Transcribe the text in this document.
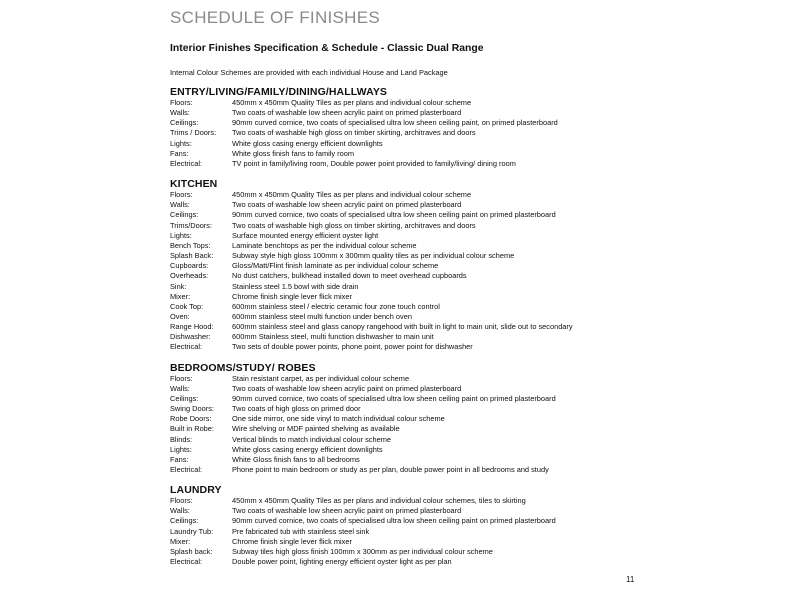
SCHEDULE OF FINISHES
Interior Finishes Specification & Schedule - Classic Dual Range
Internal Colour Schemes are provided with each individual House and Land Package
ENTRY/LIVING/FAMILY/DINING/HALLWAYS
Floors:	450mm x 450mm Quality Tiles as per plans and individual colour scheme
Walls:	Two coats of washable low sheen acrylic paint on primed plasterboard
Ceilings:	90mm curved cornice, two coats of specialised ultra low sheen ceiling paint, on primed plasterboard
Trims / Doors:	Two coats of washable high gloss on timber skirting, architraves and doors
Lights:	White gloss casing energy efficient downlights
Fans:	White gloss finish fans to family room
Electrical:	TV point in family/living room, Double power point provided to family/living/ dining room
KITCHEN
Floors:	450mm x 450mm Quality Tiles as per plans and individual colour scheme
Walls:	Two coats of washable low sheen acrylic paint on primed plasterboard
Ceilings:	90mm curved cornice, two coats of specialised ultra low sheen ceiling paint on primed plasterboard
Trims/Doors:	Two coats of washable high gloss on timber skirting, architraves and doors
Lights:	Surface mounted energy efficient oyster light
Bench Tops:	Laminate benchtops as per the individual colour scheme
Splash Back:	Subway style high gloss 100mm x 300mm quality tiles as per individual colour scheme
Cupboards:	Gloss/Matt/Flint finish laminate as per individual colour scheme
Overheads:	No dust catchers, bulkhead installed down to meet overhead cupboards
Sink:	Stainless steel 1.5 bowl with side drain
Mixer:	Chrome finish single lever flick mixer
Cook Top:	600mm stainless steel / electric ceramic four zone touch control
Oven:	600mm stainless steel multi function under bench oven
Range Hood:	600mm stainless steel and glass canopy rangehood with built in light to main unit, slide out to secondary
Dishwasher:	600mm Stainless steel, multi function dishwasher to main unit
Electrical:	Two sets of double power points, phone point, power point for dishwasher
BEDROOMS/STUDY/ ROBES
Floors:	Stain resistant carpet, as per individual colour scheme
Walls:	Two coats of washable low sheen acrylic paint on primed plasterboard
Ceilings:	90mm curved cornice, two coats of specialised ultra low sheen ceiling paint on primed plasterboard
Swing Doors:	Two coats of high gloss on primed door
Robe Doors:	One side mirror, one side vinyl to match individual colour scheme
Built in Robe:	Wire shelving or MDF painted shelving as available
Blinds:	Vertical blinds to match individual colour scheme
Lights:	White gloss casing energy efficient downlights
Fans:	White Gloss finish fans to all bedrooms
Electrical:	Phone point to main bedroom or study as per plan, double power point in all bedrooms and study
LAUNDRY
Floors:	450mm x 450mm Quality Tiles as per plans and individual colour schemes, tiles to skirting
Walls:	Two coats of washable low sheen acrylic paint on primed plasterboard
Ceilings:	90mm curved cornice, two coats of specialised ultra low sheen ceiling paint on primed plasterboard
Laundry Tub:	Pre fabricated tub with stainless steel sink
Mixer:	Chrome finish single lever flick mixer
Splash back:	Subway tiles high gloss finish 100mm x 300mm as per individual colour scheme
Electrical:	Double power point, lighting energy efficient oyster light as per plan
11
